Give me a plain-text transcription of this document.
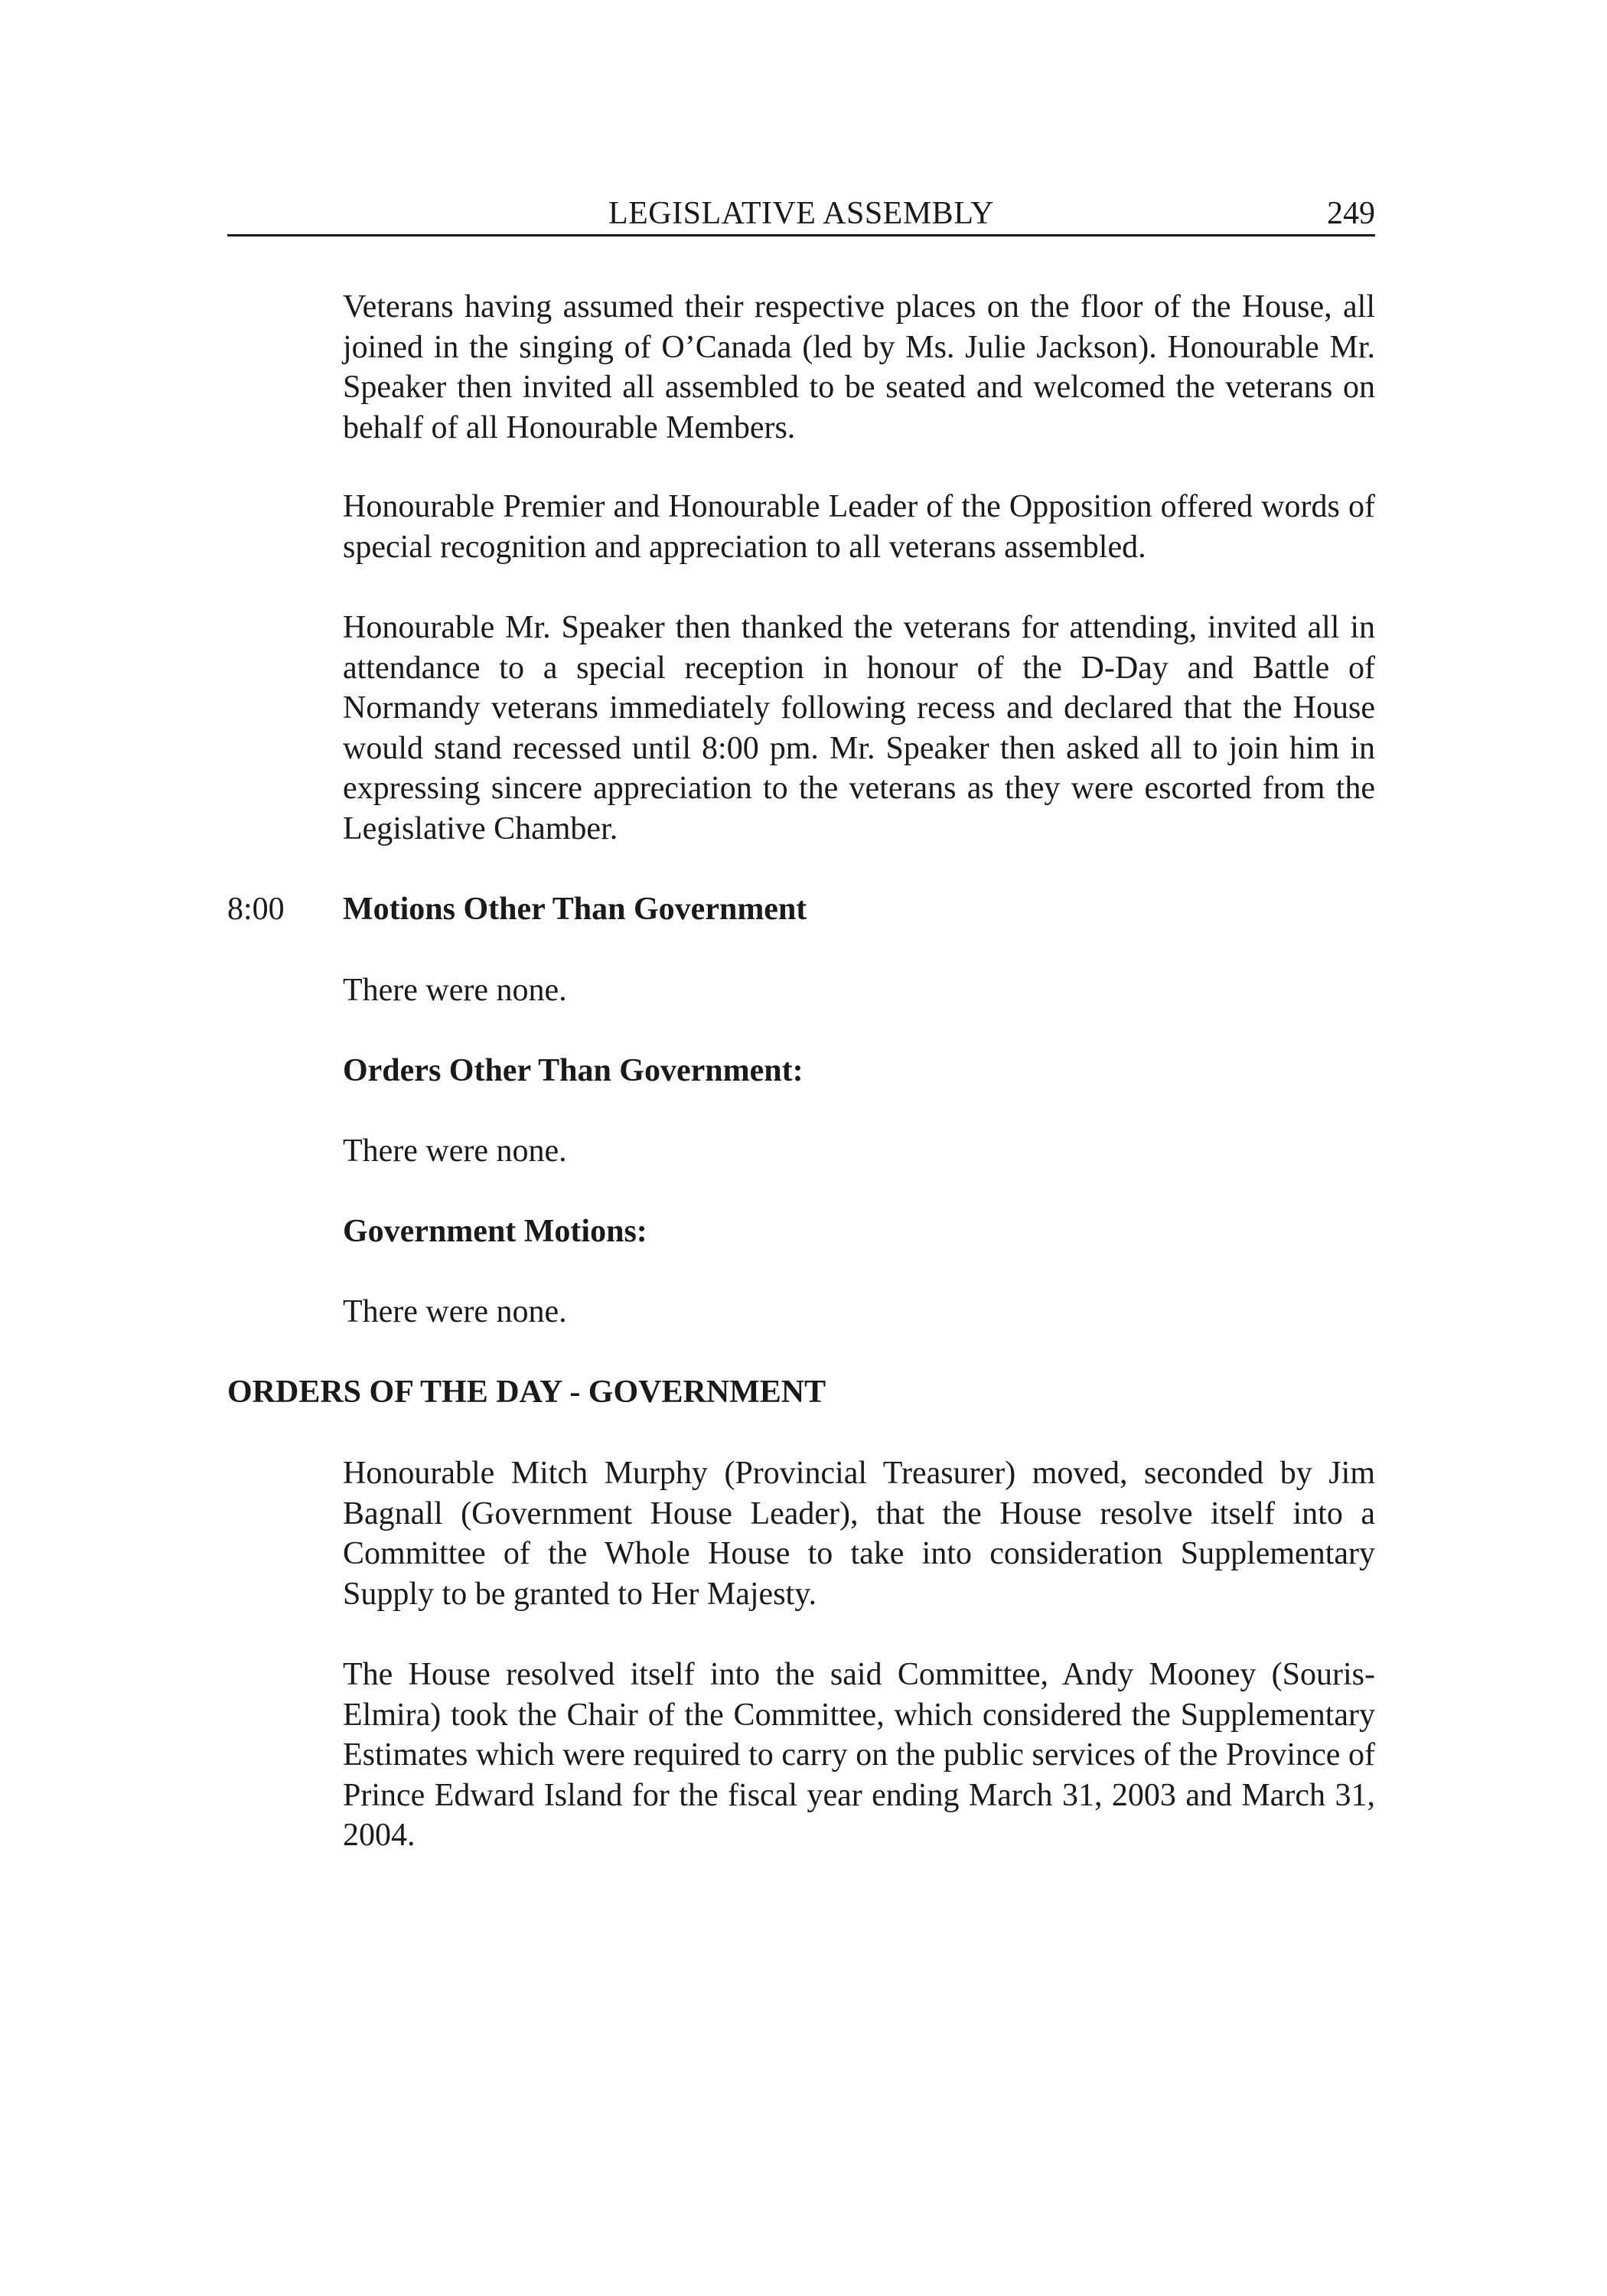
LEGISLATIVE ASSEMBLY	249

Veterans having assumed their respective places on the floor of the House, all joined in the singing of O’Canada (led by Ms. Julie Jackson). Honourable Mr. Speaker then invited all assembled to be seated and welcomed the veterans on behalf of all Honourable Members.

Honourable Premier and Honourable Leader of the Opposition offered words of special recognition and appreciation to all veterans assembled.

Honourable Mr. Speaker then thanked the veterans for attending, invited all in attendance to a special reception in honour of the D-Day and Battle of Normandy veterans immediately following recess and declared that the House would stand recessed until 8:00 pm. Mr. Speaker then asked all to join him in expressing sincere appreciation to the veterans as they were escorted from the Legislative Chamber.

8:00 Motions Other Than Government
There were none.
Orders Other Than Government:
There were none.
Government Motions:
There were none.
ORDERS OF THE DAY - GOVERNMENT

Honourable Mitch Murphy (Provincial Treasurer) moved, seconded by Jim Bagnall (Government House Leader), that the House resolve itself into a Committee of the Whole House to take into consideration Supplementary Supply to be granted to Her Majesty.

The House resolved itself into the said Committee, Andy Mooney (Souris-Elmira) took the Chair of the Committee, which considered the Supplementary Estimates which were required to carry on the public services of the Province of Prince Edward Island for the fiscal year ending March 31, 2003 and March 31, 2004.
